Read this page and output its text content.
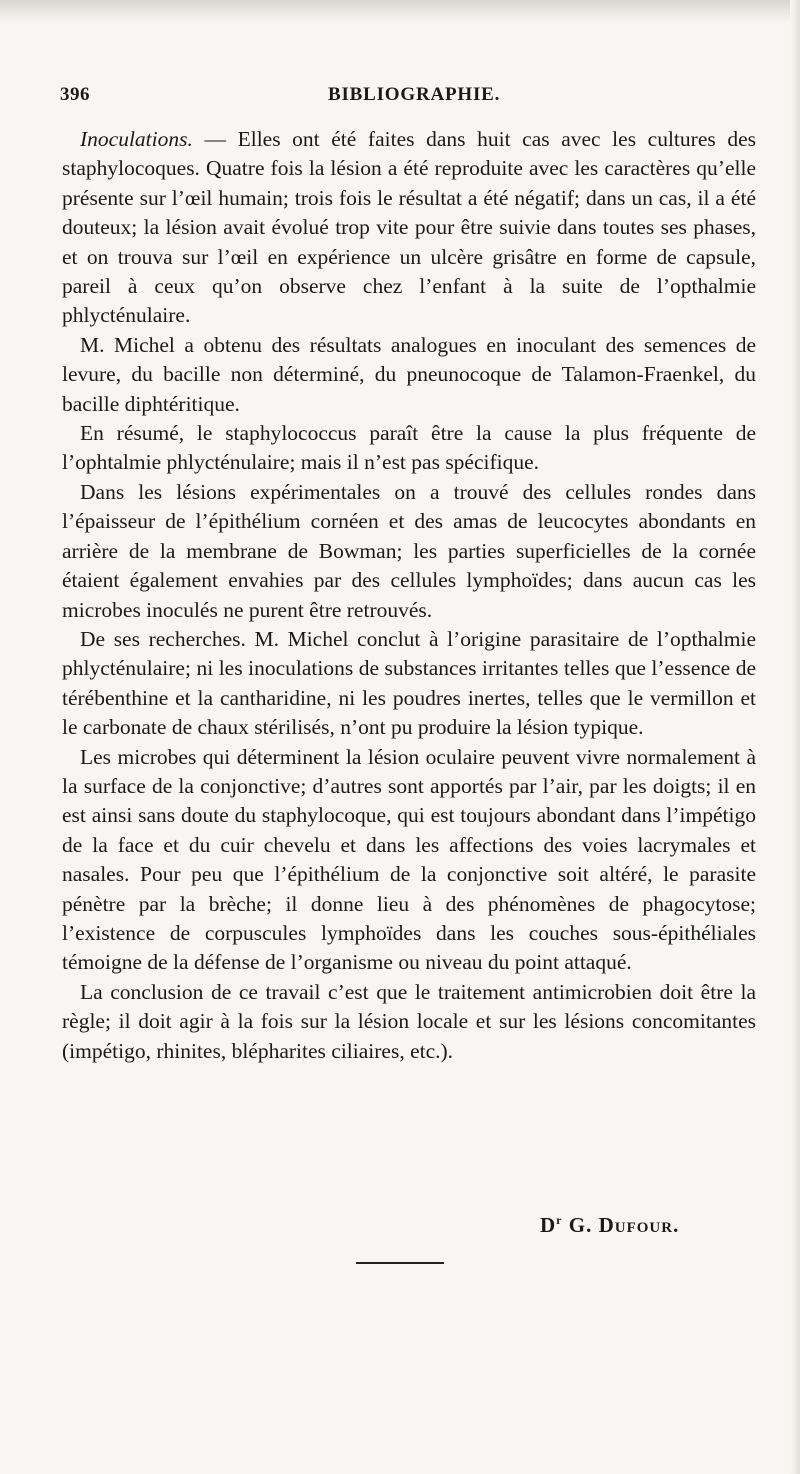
396	BIBLIOGRAPHIE.

Inoculations. — Elles ont été faites dans huit cas avec les cultures des staphylocoques. Quatre fois la lésion a été reproduite avec les caractères qu’elle présente sur l’œil humain; trois fois le résultat a été négatif; dans un cas, il a été douteux; la lésion avait évolué trop vite pour être suivie dans toutes ses phases, et on trouva sur l’œil en expérience un ulcère grisâtre en forme de capsule, pareil à ceux qu’on observe chez l’enfant à la suite de l’opthalmie phlycténulaire.

M. Michel a obtenu des résultats analogues en inoculant des semences de levure, du bacille non déterminé, du pneunocoque de Talamon-Fraenkel, du bacille diphtéritique.

En résumé, le staphylococcus paraît être la cause la plus fréquente de l’ophtalmie phlycténulaire; mais il n’est pas spécifique.

Dans les lésions expérimentales on a trouvé des cellules rondes dans l’épaisseur de l’épithélium cornéen et des amas de leucocytes abondants en arrière de la membrane de Bowman; les parties superficielles de la cornée étaient également envahies par des cellules lymphoïdes; dans aucun cas les microbes inoculés ne purent être retrouvés.

De ses recherches. M. Michel conclut à l’origine parasitaire de l’opthalmie phlycténulaire; ni les inoculations de substances irritantes telles que l’essence de térébenthine et la cantharidine, ni les poudres inertes, telles que le vermillon et le carbonate de chaux stérilisés, n’ont pu produire la lésion typique.

Les microbes qui déterminent la lésion oculaire peuvent vivre normalement à la surface de la conjonctive; d’autres sont apportés par l’air, par les doigts; il en est ainsi sans doute du staphylocoque, qui est toujours abondant dans l’impétigo de la face et du cuir chevelu et dans les affections des voies lacrymales et nasales. Pour peu que l’épithélium de la conjonctive soit altéré, le parasite pénètre par la brèche; il donne lieu à des phénomènes de phagocytose; l’existence de corpuscules lymphoïdes dans les couches sous-épithéliales témoigne de la défense de l’organisme ou niveau du point attaqué.

La conclusion de ce travail c’est que le traitement antimicrobien doit être la règle; il doit agir à la fois sur la lésion locale et sur les lésions concomitantes (impétigo, rhinites, blépharites ciliaires, etc.).

$D^r$ G. Dufour.
